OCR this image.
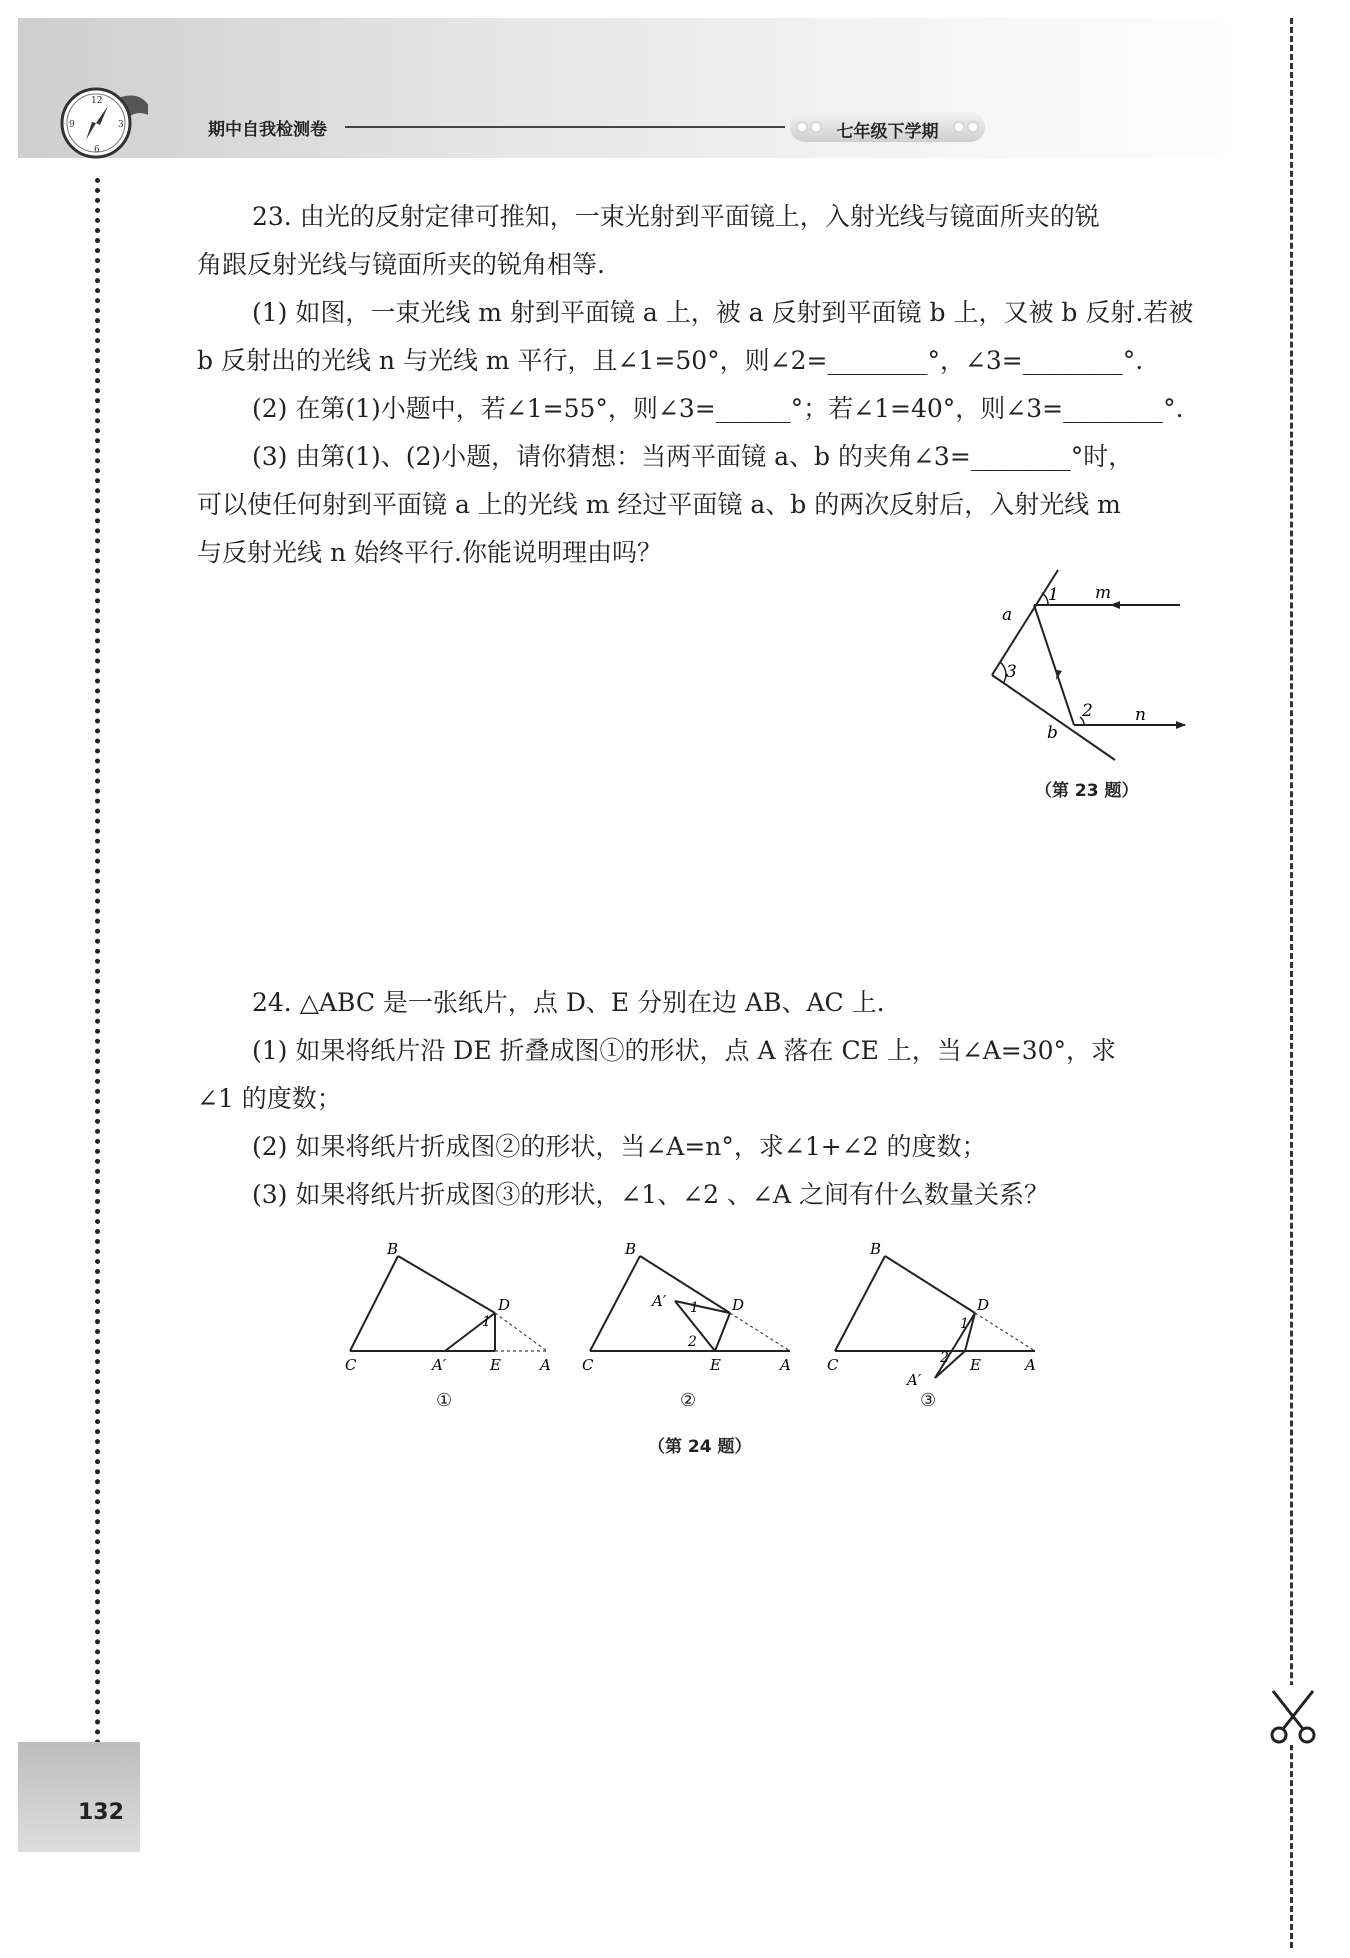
12
3
6
9	期中自我检测卷	七年级下学期
132
23. 由光的反射定律可推知，一束光射到平面镜上，入射光线与镜面所夹的锐
角跟反射光线与镜面所夹的锐角相等.
(1) 如图，一束光线 m 射到平面镜 a 上，被 a 反射到平面镜 b 上，又被 b 反射.若被
b 反射出的光线 n 与光线 m 平行，且∠1=50°，则∠2=________°，∠3=________°.
(2) 在第(1)小题中，若∠1=55°，则∠3=______°；若∠1=40°，则∠3=________°.
(3) 由第(1)、(2)小题，请你猜想：当两平面镜 a、b 的夹角∠3=________°时，
可以使任何射到平面镜 a 上的光线 m 经过平面镜 a、b 的两次反射后，入射光线 m
与反射光线 n 始终平行.你能说明理由吗？
1 m
a
3
2
b
n
（第 23 题）
24. △ABC 是一张纸片，点 D、E 分别在边 AB、AC 上.
(1) 如果将纸片沿 DE 折叠成图①的形状，点 A 落在 CE 上，当∠A=30°，求
∠1 的度数；
(2) 如果将纸片折成图②的形状，当∠A=n°，求∠1+∠2 的度数；
(3) 如果将纸片折成图③的形状，∠1、∠2 、∠A 之间有什么数量关系？
B
D
1
C	A′	E	A
①
B
A′ 1 D
2
C	E	A
②
B
1
D
2
C	E	A
A′
③
（第 24 题）
